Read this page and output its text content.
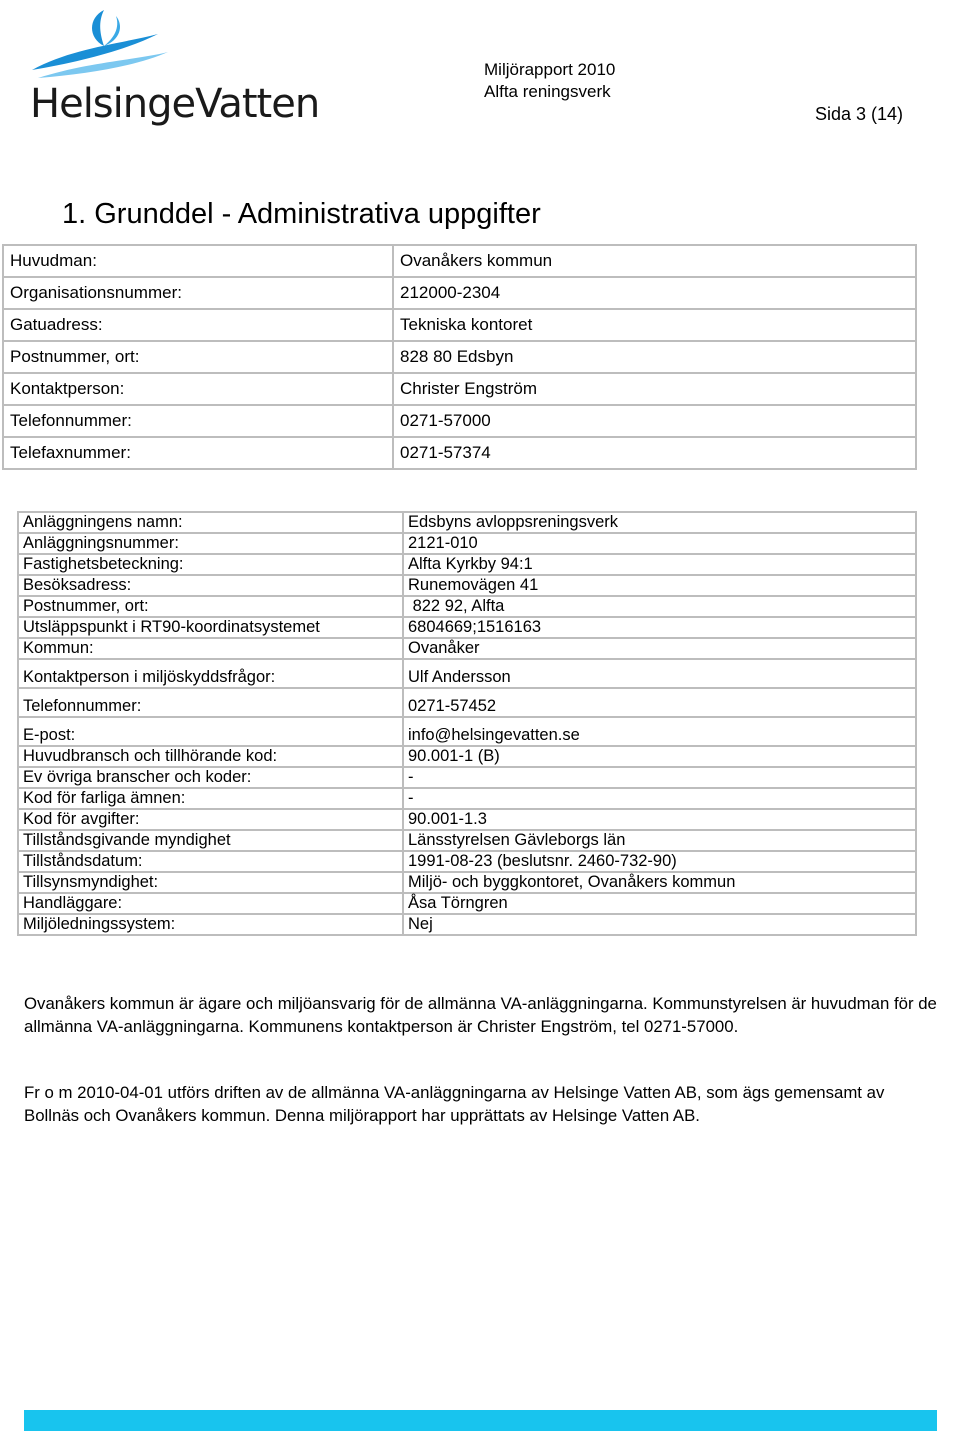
HelsingeVatten
Miljörapport 2010
Alfta reningsverk
Sida 3 (14)
1. Grunddel - Administrativa uppgifter
Huvudman:	Ovanåkers kommun
Organisationsnummer:	212000-2304
Gatuadress:	Tekniska kontoret
Postnummer, ort:	828 80 Edsbyn
Kontaktperson:	Christer Engström
Telefonnummer:	0271-57000
Telefaxnummer:	0271-57374
Anläggningens namn:	Edsbyns avloppsreningsverk
Anläggningsnummer:	2121-010
Fastighetsbeteckning:	Alfta Kyrkby 94:1
Besöksadress:	Runemovägen 41
Postnummer, ort:	822 92, Alfta
Utsläppspunkt i RT90-koordinatsystemet	6804669;1516163
Kommun:	Ovanåker
Kontaktperson i miljöskyddsfrågor:	Ulf Andersson
Telefonnummer:	0271-57452
E-post:	info@helsingevatten.se
Huvudbransch och tillhörande kod:	90.001-1 (B)
Ev övriga branscher och koder:	-
Kod för farliga ämnen:	-
Kod för avgifter:	90.001-1.3
Tillståndsgivande myndighet	Länsstyrelsen Gävleborgs län
Tillståndsdatum:	1991-08-23 (beslutsnr. 2460-732-90)
Tillsynsmyndighet:	Miljö- och byggkontoret, Ovanåkers kommun
Handläggare:	Åsa Törngren
Miljöledningssystem:	Nej

Ovanåkers kommun är ägare och miljöansvarig för de allmänna VA-anläggningarna. Kommunstyrelsen är huvudman för de allmänna VA-anläggningarna. Kommunens kontaktperson är Christer Engström, tel 0271-57000.

Fr o m 2010-04-01 utförs driften av de allmänna VA-anläggningarna av Helsinge Vatten AB, som ägs gemensamt av Bollnäs och Ovanåkers kommun. Denna miljörapport har upprättats av Helsinge Vatten AB.
